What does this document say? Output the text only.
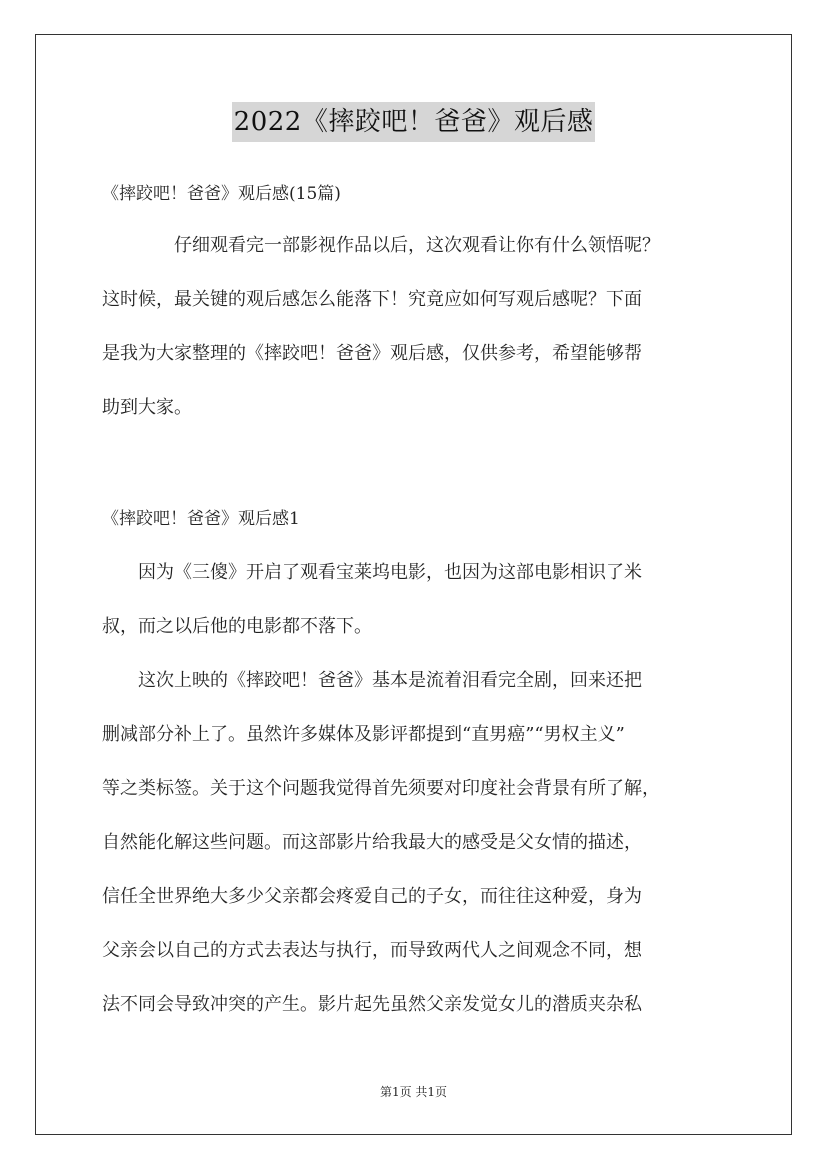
2022《摔跤吧！爸爸》观后感
《摔跤吧！爸爸》观后感(15篇)
仔细观看完一部影视作品以后，这次观看让你有什么领悟呢？
这时候，最关键的观后感怎么能落下！究竟应如何写观后感呢？下面
是我为大家整理的《摔跤吧！爸爸》观后感，仅供参考，希望能够帮
助到大家。
《摔跤吧！爸爸》观后感1
因为《三傻》开启了观看宝莱坞电影，也因为这部电影相识了米
叔，而之以后他的电影都不落下。
这次上映的《摔跤吧！爸爸》基本是流着泪看完全剧，回来还把
删减部分补上了。虽然许多媒体及影评都提到“直男癌”“男权主义”
等之类标签。关于这个问题我觉得首先须要对印度社会背景有所了解，
自然能化解这些问题。而这部影片给我最大的感受是父女情的描述，
信任全世界绝大多少父亲都会疼爱自己的子女，而往往这种爱，身为
父亲会以自己的方式去表达与执行，而导致两代人之间观念不同，想
法不同会导致冲突的产生。影片起先虽然父亲发觉女儿的潜质夹杂私
第1页 共1页
